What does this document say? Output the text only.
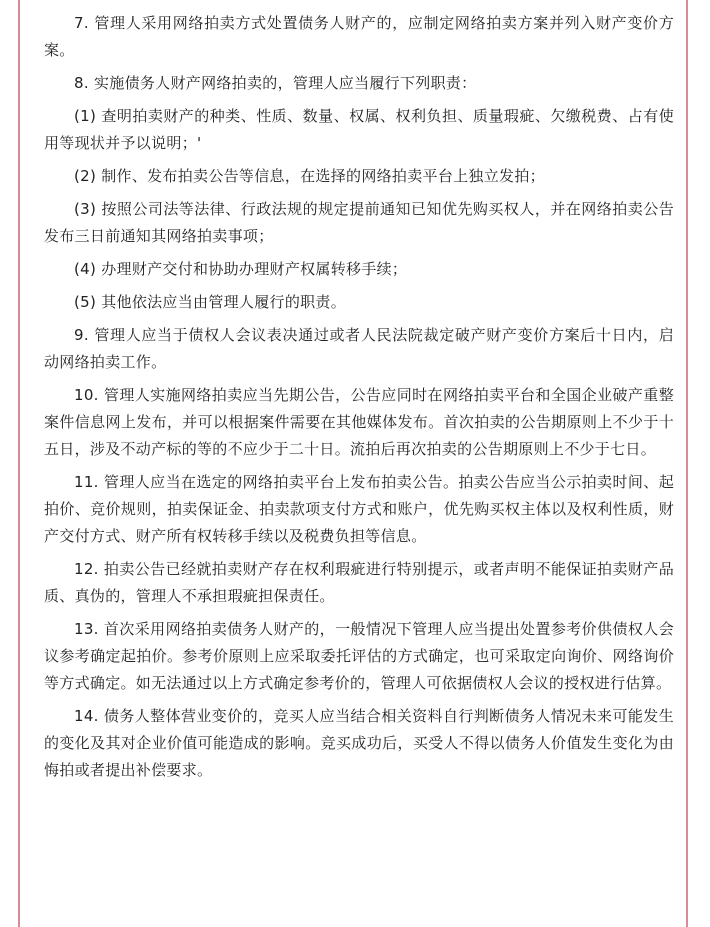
7. 管理人采用网络拍卖方式处置债务人财产的，应制定网络拍卖方案并列入财产变价方案。

8. 实施债务人财产网络拍卖的，管理人应当履行下列职责：

(1) 查明拍卖财产的种类、性质、数量、权属、权利负担、质量瑕疵、欠缴税费、占有使用等现状并予以说明；'

(2) 制作、发布拍卖公告等信息，在选择的网络拍卖平台上独立发拍；

(3) 按照公司法等法律、行政法规的规定提前通知已知优先购买权人，并在网络拍卖公告发布三日前通知其网络拍卖事项；

(4) 办理财产交付和协助办理财产权属转移手续；

(5) 其他依法应当由管理人履行的职责。

9. 管理人应当于债权人会议表决通过或者人民法院裁定破产财产变价方案后十日内，启动网络拍卖工作。

10. 管理人实施网络拍卖应当先期公告，公告应同时在网络拍卖平台和全国企业破产重整案件信息网上发布，并可以根据案件需要在其他媒体发布。首次拍卖的公告期原则上不少于十五日，涉及不动产标的等的不应少于二十日。流拍后再次拍卖的公告期原则上不少于七日。

11. 管理人应当在选定的网络拍卖平台上发布拍卖公告。拍卖公告应当公示拍卖时间、起拍价、竞价规则，拍卖保证金、拍卖款项支付方式和账户，优先购买权主体以及权利性质，财产交付方式、财产所有权转移手续以及税费负担等信息。

12. 拍卖公告已经就拍卖财产存在权利瑕疵进行特别提示，或者声明不能保证拍卖财产品质、真伪的，管理人不承担瑕疵担保责任。

13. 首次采用网络拍卖债务人财产的，一般情况下管理人应当提出处置参考价供债权人会议参考确定起拍价。参考价原则上应采取委托评估的方式确定，也可采取定向询价、网络询价等方式确定。如无法通过以上方式确定参考价的，管理人可依据债权人会议的授权进行估算。

14. 债务人整体营业变价的，竞买人应当结合相关资料自行判断债务人情况未来可能发生的变化及其对企业价值可能造成的影响。竞买成功后，买受人不得以债务人价值发生变化为由悔拍或者提出补偿要求。
